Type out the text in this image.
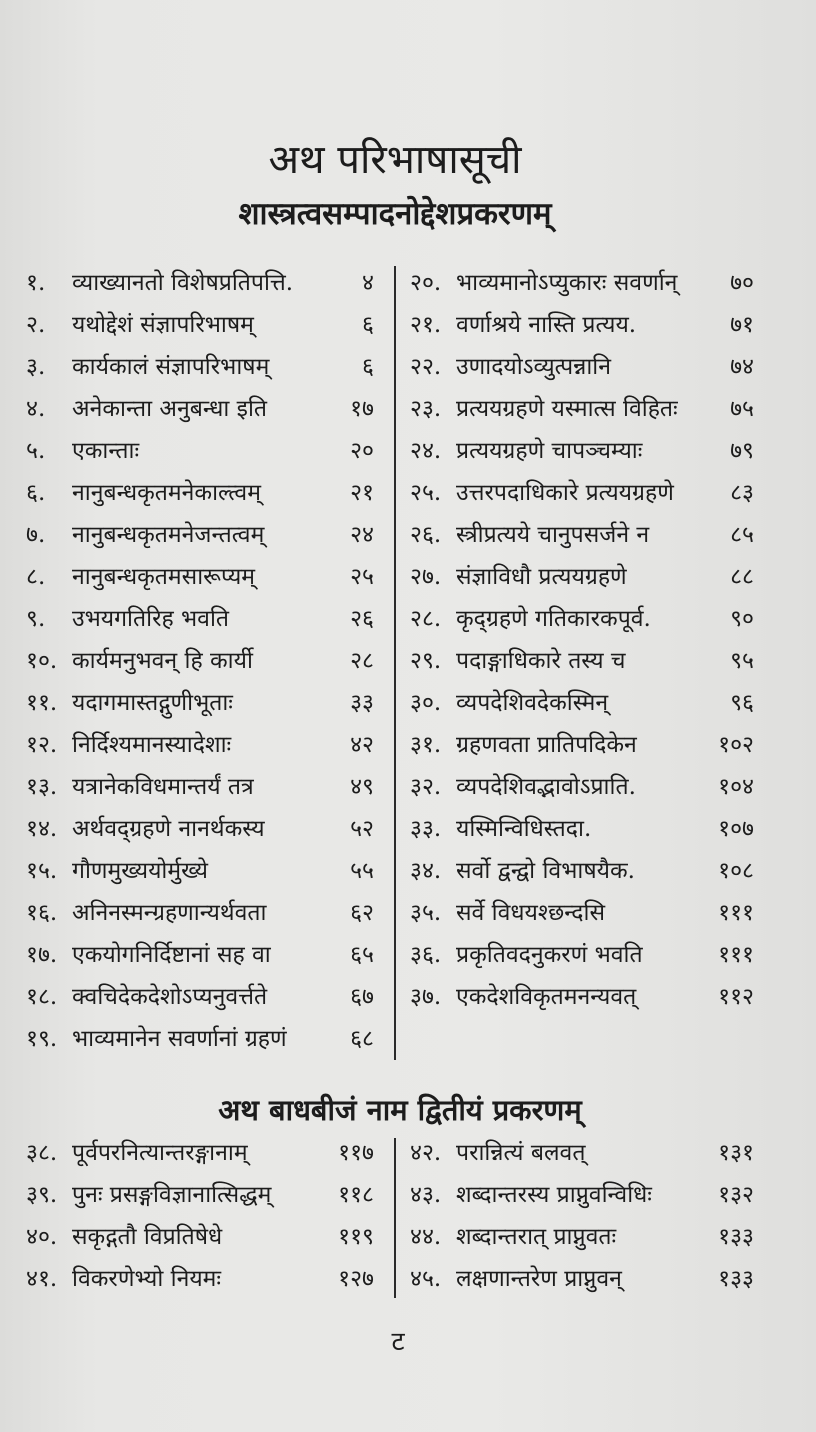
अथ परिभाषासूची
शास्त्रत्वसम्पादनोद्देशप्रकरणम्
१. व्याख्यानतो विशेषप्रतिपत्ति.	४
२. यथोद्देशं संज्ञापरिभाषम्	६
३. कार्यकालं संज्ञापरिभाषम्	६
४. अनेकान्ता अनुबन्धा इति	१७
५. एकान्ताः	२०
६. नानुबन्धकृतमनेकाल्त्वम्	२१
७. नानुबन्धकृतमनेजन्तत्वम्	२४
८. नानुबन्धकृतमसारूप्यम्	२५
९. उभयगतिरिह भवति	२६
१०. कार्यमनुभवन् हि कार्यी	२८
११. यदागमास्तद्गुणीभूताः	३३
१२. निर्दिश्यमानस्यादेशाः	४२
१३. यत्रानेकविधमान्तर्यं तत्र	४९
१४. अर्थवद्ग्रहणे नानर्थकस्य	५२
१५. गौणमुख्ययोर्मुख्ये	५५
१६. अनिनस्मन्ग्रहणान्यर्थवता	६२
१७. एकयोगनिर्दिष्टानां सह वा	६५
१८. क्वचिदेकदेशोऽप्यनुवर्त्तते	६७
१९. भाव्यमानेन सवर्णानां ग्रहणं	६८
२०. भाव्यमानोऽप्युकारः सवर्णान् ७०
२१. वर्णाश्रये नास्ति प्रत्यय.	७१
२२. उणादयोऽव्युत्पन्नानि	७४
२३. प्रत्ययग्रहणे यस्मात्स विहितः ७५
२४. प्रत्ययग्रहणे चापञ्चम्याः	७९
२५. उत्तरपदाधिकारे प्रत्ययग्रहणे ८३
२६. स्त्रीप्रत्यये चानुपसर्जने न	८५
२७. संज्ञाविधौ प्रत्ययग्रहणे	८८
२८. कृद्ग्रहणे गतिकारकपूर्व.	९०
२९. पदाङ्गाधिकारे तस्य च	९५
३०. व्यपदेशिवदेकस्मिन्	९६
३१. ग्रहणवता प्रातिपदिकेन	१०२
३२. व्यपदेशिवद्भावोऽप्राति.	१०४
३३. यस्मिन्विधिस्तदा.	१०७
३४. सर्वो द्वन्द्वो विभाषयैक.	१०८
३५. सर्वे विधयश्छन्दसि	१११
३६. प्रकृतिवदनुकरणं भवति	१११
३७. एकदेशविकृतमनन्यवत्	११२
अथ बाधबीजं नाम द्वितीयं प्रकरणम्
३८. पूर्वपरनित्यान्तरङ्गानाम्	११७
३९. पुनः प्रसङ्गविज्ञानात्सिद्धम्	११८
४०. सकृद्गतौ विप्रतिषेधे	११९
४१. विकरणेभ्यो नियमः	१२७
४२. परान्नित्यं बलवत्	१३१
४३. शब्दान्तरस्य प्राप्नुवन्विधिः	१३२
४४. शब्दान्तरात् प्राप्नुवतः	१३३
४५. लक्षणान्तरेण प्राप्नुवन्	१३३
ट
